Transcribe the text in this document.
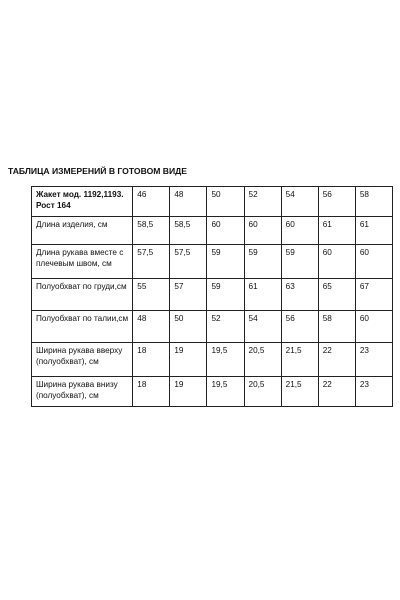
ТАБЛИЦА ИЗМЕРЕНИЙ В ГОТОВОМ ВИДЕ
Жакет мод. 1192,1193.
Рост 164	46	48	50	52	54	56	58
Длина изделия, см	58,5	58,5	60	60	60	61	61
Длина рукава вместе с плечевым швом, см	57,5	57,5	59	59	59	60	60
Полуобхват по груди,см	55	57	59	61	63	65	67
Полуобхват по талии,см	48	50	52	54	56	58	60
Ширина рукава вверху (полуобхват), см	18	19	19,5	20,5	21,5	22	23
Ширина рукава внизу (полуобхват), см	18	19	19,5	20,5	21,5	22	23
